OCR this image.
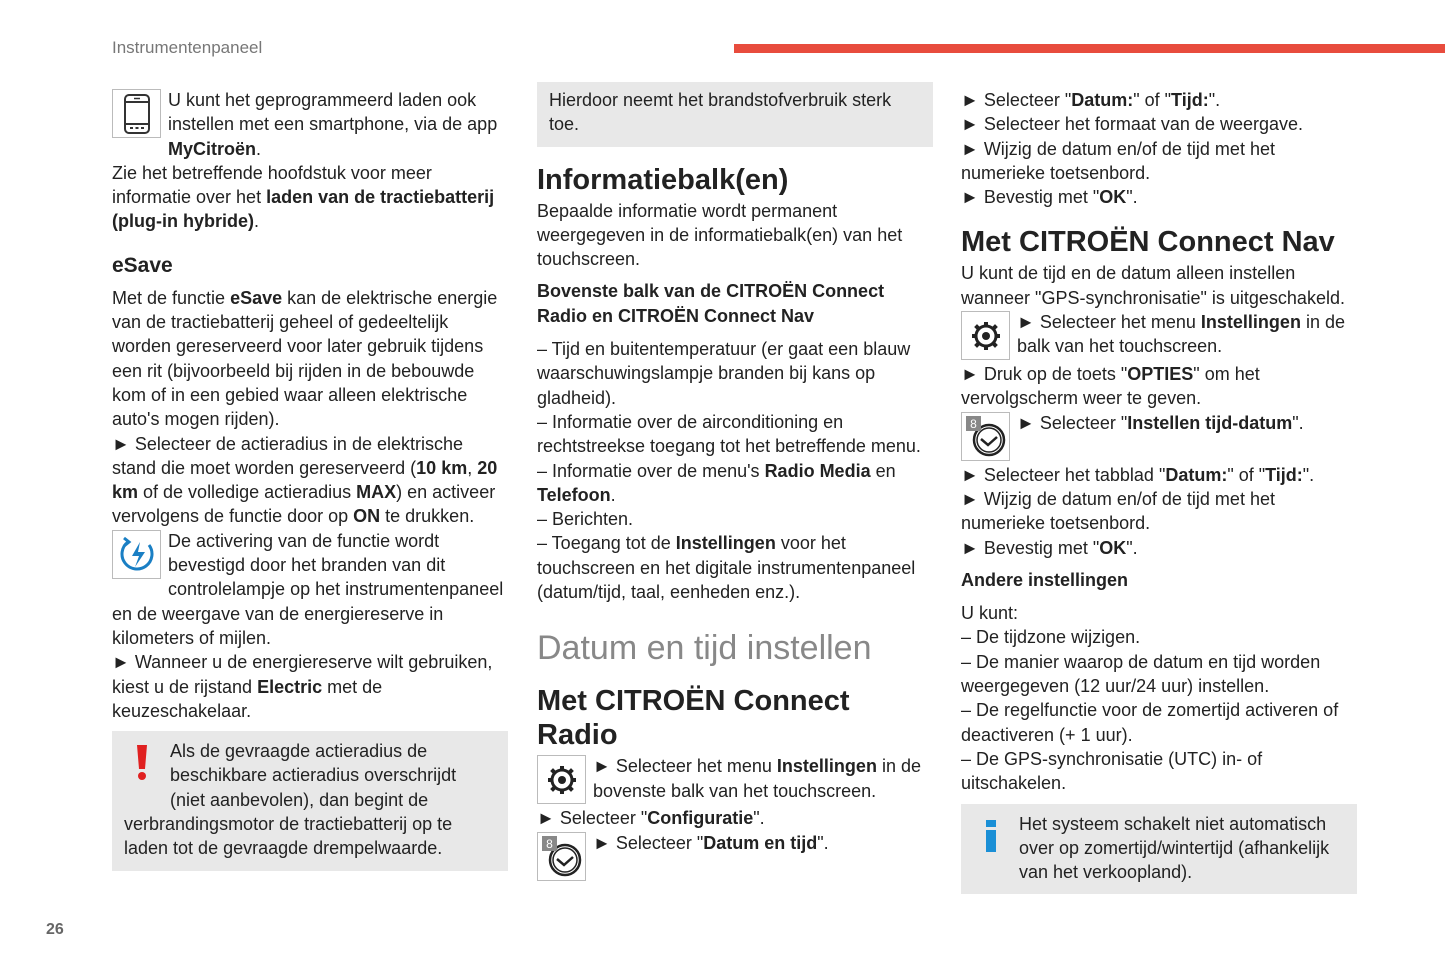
Instrumentenpaneel
U kunt het geprogrammeerd laden ook instellen met een smartphone, via de app MyCitroën.
Zie het betreffende hoofdstuk voor meer informatie over het laden van de tractiebatterij (plug-in hybride).
eSave
Met de functie eSave kan de elektrische energie van de tractiebatterij geheel of gedeeltelijk worden gereserveerd voor later gebruik tijdens een rit (bijvoorbeeld bij rijden in de bebouwde kom of in een gebied waar alleen elektrische auto's mogen rijden).
► Selecteer de actieradius in de elektrische stand die moet worden gereserveerd (10 km, 20 km of de volledige actieradius MAX) en activeer vervolgens de functie door op ON te drukken.
De activering van de functie wordt bevestigd door het branden van dit controlelampje op het instrumentenpaneel en de weergave van de energiereserve in kilometers of mijlen.
► Wanneer u de energiereserve wilt gebruiken, kiest u de rijstand Electric met de keuzeschakelaar.
Als de gevraagde actieradius de beschikbare actieradius overschrijdt (niet aanbevolen), dan begint de verbrandingsmotor de tractiebatterij op te laden tot de gevraagde drempelwaarde.
Hierdoor neemt het brandstofverbruik sterk toe.
Informatiebalk(en)
Bepaalde informatie wordt permanent weergegeven in de informatiebalk(en) van het touchscreen.
Bovenste balk van de CITROËN Connect Radio en CITROËN Connect Nav
– Tijd en buitentemperatuur (er gaat een blauw waarschuwingslampje branden bij kans op gladheid).
– Informatie over de airconditioning en rechtstreekse toegang tot het betreffende menu.
– Informatie over de menu's Radio Media en Telefoon.
– Berichten.
– Toegang tot de Instellingen voor het touchscreen en het digitale instrumentenpaneel (datum/tijd, taal, eenheden enz.).
Datum en tijd instellen
Met CITROËN Connect Radio
► Selecteer het menu Instellingen in de bovenste balk van het touchscreen.
► Selecteer "Configuratie".
8 ► Selecteer "Datum en tijd".
► Selecteer "Datum:" of "Tijd:".
► Selecteer het formaat van de weergave.
► Wijzig de datum en/of de tijd met het numerieke toetsenbord.
► Bevestig met "OK".
Met CITROËN Connect Nav
U kunt de tijd en de datum alleen instellen wanneer "GPS-synchronisatie" is uitgeschakeld.
► Selecteer het menu Instellingen in de balk van het touchscreen.
► Druk op de toets "OPTIES" om het vervolgscherm weer te geven.
8 ► Selecteer "Instellen tijd-datum".
► Selecteer het tabblad "Datum:" of "Tijd:".
► Wijzig de datum en/of de tijd met het numerieke toetsenbord.
► Bevestig met "OK".
Andere instellingen
U kunt:
– De tijdzone wijzigen.
– De manier waarop de datum en tijd worden weergegeven (12 uur/24 uur) instellen.
– De regelfunctie voor de zomertijd activeren of deactiveren (+ 1 uur).
– De GPS-synchronisatie (UTC) in- of uitschakelen.
Het systeem schakelt niet automatisch over op zomertijd/wintertijd (afhankelijk van het verkoopland).
26
